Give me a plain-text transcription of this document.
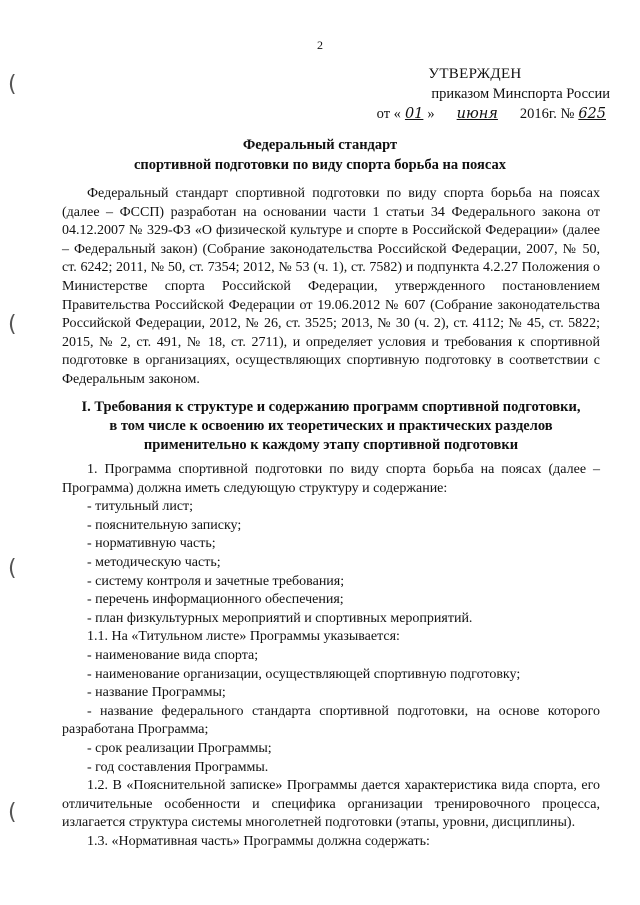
2
(
(
(
(
УТВЕРЖДЕН
приказом Минспорта России
от « 01 » июня 2016г. № 625
Федеральный стандарт
спортивной подготовки по виду спорта борьба на поясах

Федеральный стандарт спортивной подготовки по виду спорта борьба на поясах (далее – ФССП) разработан на основании части 1 статьи 34 Федерального закона от 04.12.2007 № 329-ФЗ «О физической культуре и спорте в Российской Федерации» (далее – Федеральный закон) (Собрание законодательства Российской Федерации, 2007, № 50, ст. 6242; 2011, № 50, ст. 7354; 2012, № 53 (ч. 1), ст. 7582) и подпункта 4.2.27 Положения о Министерстве спорта Российской Федерации, утвержденного постановлением Правительства Российской Федерации от 19.06.2012 № 607 (Собрание законодательства Российской Федерации, 2012, № 26, ст. 3525; 2013, № 30 (ч. 2), ст. 4112; № 45, ст. 5822; 2015, № 2, ст. 491, № 18, ст. 2711), и определяет условия и требования к спортивной подготовке в организациях, осуществляющих спортивную подготовку в соответствии с Федеральным законом.

I. Требования к структуре и содержанию программ спортивной подготовки,
в том числе к освоению их теоретических и практических разделов
применительно к каждому этапу спортивной подготовки

1. Программа спортивной подготовки по виду спорта борьба на поясах (далее – Программа) должна иметь следующую структуру и содержание:

- титульный лист;

- пояснительную записку;

- нормативную часть;

- методическую часть;

- систему контроля и зачетные требования;

- перечень информационного обеспечения;

- план физкультурных мероприятий и спортивных мероприятий.

1.1. На «Титульном листе» Программы указывается:

- наименование вида спорта;

- наименование организации, осуществляющей спортивную подготовку;

- название Программы;

- название федерального стандарта спортивной подготовки, на основе которого разработана Программа;

- срок реализации Программы;

- год составления Программы.

1.2. В «Пояснительной записке» Программы дается характеристика вида спорта, его отличительные особенности и специфика организации тренировочного процесса, излагается структура системы многолетней подготовки (этапы, уровни, дисциплины).

1.3. «Нормативная часть» Программы должна содержать:
